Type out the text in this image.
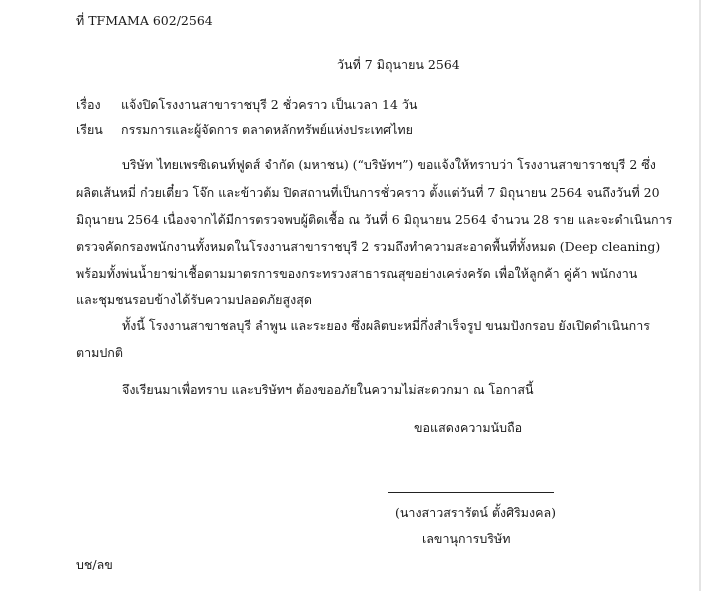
ที่ TFMAMA 602/2564
วันที่ 7 มิถุนายน 2564
เรื่อง แจ้งปิดโรงงานสาขาราชบุรี 2 ชั่วคราว เป็นเวลา 14 วัน
เรียน กรรมการและผู้จัดการ ตลาดหลักทรัพย์แห่งประเทศไทย
บริษัท ไทยเพรซิเดนท์ฟูดส์ จำกัด (มหาชน) (“บริษัทฯ”) ขอแจ้งให้ทราบว่า โรงงานสาขาราชบุรี 2 ซึ่ง
ผลิตเส้นหมี่ ก๋วยเตี๋ยว โจ๊ก และข้าวต้ม ปิดสถานที่เป็นการชั่วคราว ตั้งแต่วันที่ 7 มิถุนายน 2564 จนถึงวันที่ 20
มิถุนายน 2564 เนื่องจากได้มีการตรวจพบผู้ติดเชื้อ ณ วันที่ 6 มิถุนายน 2564 จำนวน 28 ราย และจะดำเนินการ
ตรวจคัดกรองพนักงานทั้งหมดในโรงงานสาขาราชบุรี 2 รวมถึงทำความสะอาดพื้นที่ทั้งหมด (Deep cleaning)
พร้อมทั้งพ่นน้ำยาฆ่าเชื้อตามมาตรการของกระทรวงสาธารณสุขอย่างเคร่งครัด เพื่อให้ลูกค้า คู่ค้า พนักงาน
และชุมชนรอบข้างได้รับความปลอดภัยสูงสุด
ทั้งนี้ โรงงานสาขาชลบุรี ลำพูน และระยอง ซึ่งผลิตบะหมี่กึ่งสำเร็จรูป ขนมปังกรอบ ยังเปิดดำเนินการ
ตามปกติ
จึงเรียนมาเพื่อทราบ และบริษัทฯ ต้องขออภัยในความไม่สะดวกมา ณ โอกาสนี้
ขอแสดงความนับถือ
(นางสาวสรารัตน์ ตั้งศิริมงคล)
เลขานุการบริษัท
บช/ลข
